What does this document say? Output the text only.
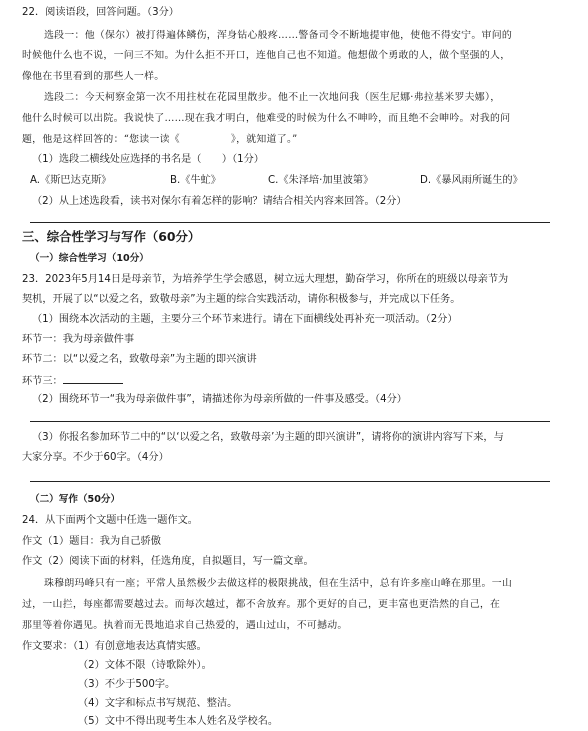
22．阅读语段，回答问题。（3分）
选段一：他（保尔）被打得遍体鳞伤，浑身钻心般疼……警备司令不断地提审他，使他不得安宁。审问的
时候他什么也不说，一问三不知。为什么拒不开口，连他自己也不知道。他想做个勇敢的人，做个坚强的人，
像他在书里看到的那些人一样。
选段二：今天柯察金第一次不用拄杖在花园里散步。他不止一次地问我（医生尼娜·弗拉基米罗夫娜），
他什么时候可以出院。我说快了……现在我才明白，他难受的时候为什么不呻吟，而且绝不会呻吟。对我的问
题，他是这样回答的：“您读一读《　　　　　》，就知道了。”
（1）选段二横线处应选择的书名是（　　）（1分）
A.《斯巴达克斯》	B.《牛虻》	C.《朱泽培·加里波第》	D.《暴风雨所诞生的》
（2）从上述选段看，读书对保尔有着怎样的影响？请结合相关内容来回答。（2分）
三、综合性学习与写作（60分）
（一）综合性学习（10分）
23．2023年5月14日是母亲节，为培养学生学会感恩，树立远大理想，勤奋学习，你所在的班级以母亲节为
契机，开展了以“以爱之名，致敬母亲”为主题的综合实践活动，请你积极参与，并完成以下任务。
（1）围绕本次活动的主题，主要分三个环节来进行。请在下面横线处再补充一项活动。（2分）
环节一：我为母亲做件事
环节二：以“以爱之名，致敬母亲”为主题的即兴演讲
环节三：
（2）围绕环节一“我为母亲做件事”，请描述你为母亲所做的一件事及感受。（4分）
（3）你报名参加环节二中的“以‘以爱之名，致敬母亲’为主题的即兴演讲”，请将你的演讲内容写下来，与
大家分享。不少于60字。（4分）
（二）写作（50分）
24．从下面两个文题中任选一题作文。
作文（1）题目：我为自己骄傲
作文（2）阅读下面的材料，任选角度，自拟题目，写一篇文章。
珠穆朗玛峰只有一座；平常人虽然极少去做这样的极限挑战，但在生活中，总有许多座山峰在那里。一山
过，一山拦，每座都需要越过去。而每次越过，都不舍放弃。那个更好的自己，更丰富也更浩然的自己，在
那里等着你遇见。执着而无畏地追求自己热爱的，遇山过山，不可撼动。
作文要求：（1）有创意地表达真情实感。
（2）文体不限（诗歌除外）。
（3）不少于500字。
（4）文字和标点书写规范、整洁。
（5）文中不得出现考生本人姓名及学校名。
